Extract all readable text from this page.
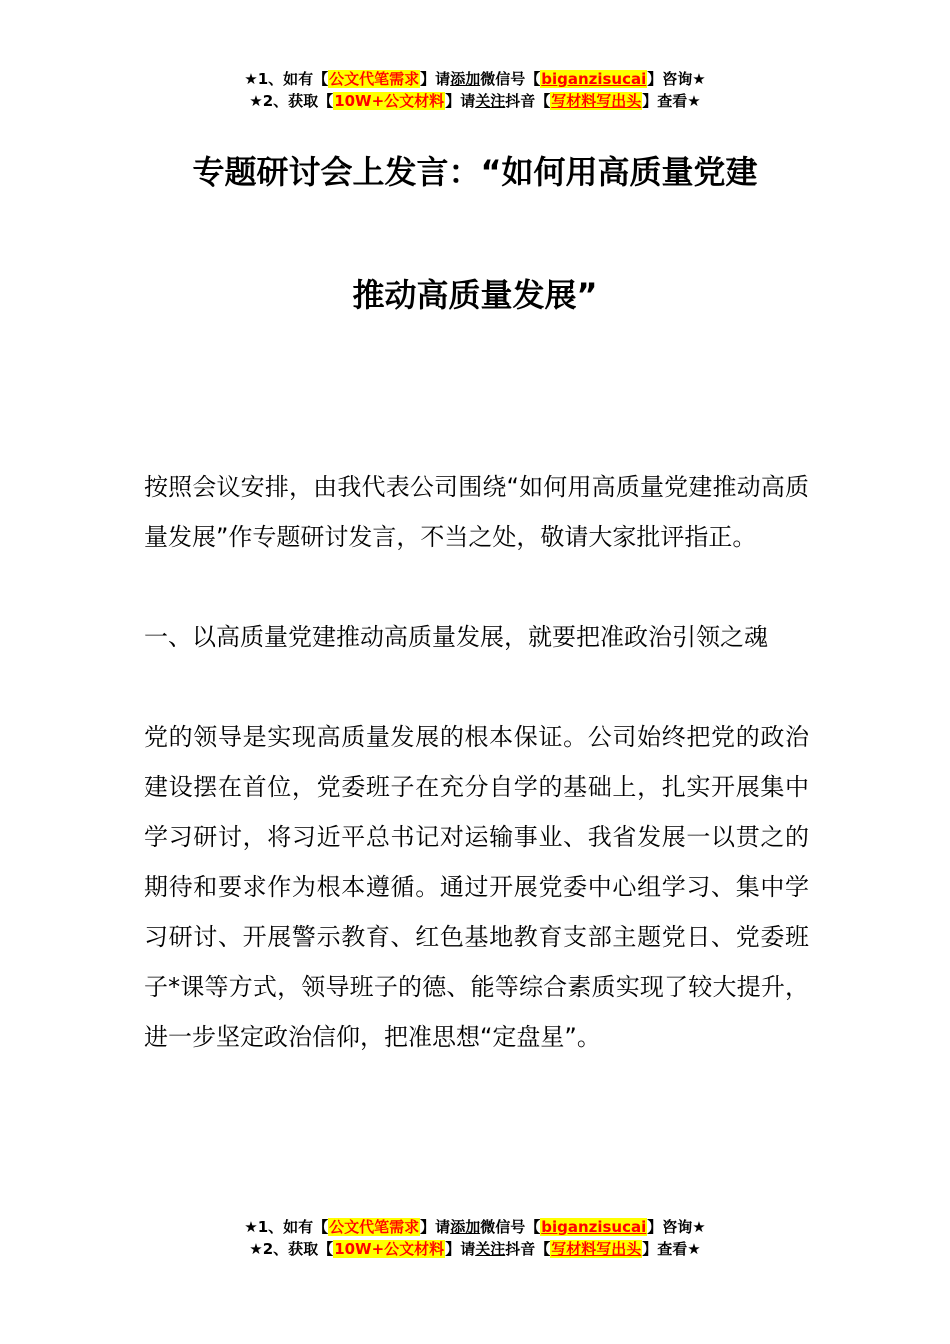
★1、如有【公文代笔需求】请添加微信号【biganzisucai】咨询★
★2、获取【10W+公文材料】请关注抖音【写材料写出头】查看★
专题研讨会上发言：“如何用高质量党建
推动高质量发展”

按照会议安排，由我代表公司围绕“如何用高质量党建推动高质量发展”作专题研讨发言，不当之处，敬请大家批评指正。

一、以高质量党建推动高质量发展，就要把准政治引领之魂

党的领导是实现高质量发展的根本保证。公司始终把党的政治建设摆在首位，党委班子在充分自学的基础上，扎实开展集中学习研讨，将习近平总书记对运输事业、我省发展一以贯之的期待和要求作为根本遵循。通过开展党委中心组学习、集中学习研讨、开展警示教育、红色基地教育支部主题党日、党委班子*课等方式，领导班子的德、能等综合素质实现了较大提升，进一步坚定政治信仰，把准思想“定盘星”。

★1、如有【公文代笔需求】请添加微信号【biganzisucai】咨询★
★2、获取【10W+公文材料】请关注抖音【写材料写出头】查看★
